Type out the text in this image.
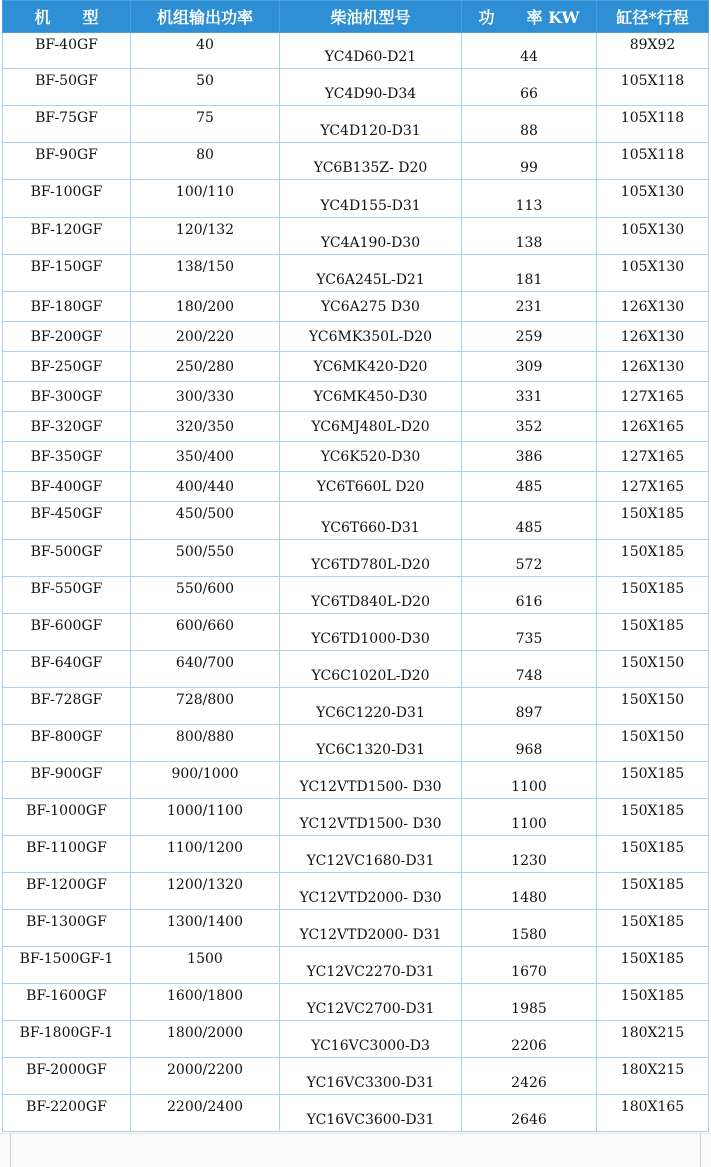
机　　型	机组输出功率	柴油机型号	功　　率 KW	缸径*行程
BF-40GF	40	YC4D60-D21	44	89X92
BF-50GF	50	YC4D90-D34	66	105X118
BF-75GF	75	YC4D120-D31	88	105X118
BF-90GF	80	YC6B135Z- D20	99	105X118
BF-100GF	100/110	YC4D155-D31	113	105X130
BF-120GF	120/132	YC4A190-D30	138	105X130
BF-150GF	138/150	YC6A245L-D21	181	105X130
BF-180GF	180/200	YC6A275 D30	231	126X130
BF-200GF	200/220	YC6MK350L-D20	259	126X130
BF-250GF	250/280	YC6MK420-D20	309	126X130
BF-300GF	300/330	YC6MK450-D30	331	127X165
BF-320GF	320/350	YC6MJ480L-D20	352	126X165
BF-350GF	350/400	YC6K520-D30	386	127X165
BF-400GF	400/440	YC6T660L D20	485	127X165
BF-450GF	450/500	YC6T660-D31	485	150X185
BF-500GF	500/550	YC6TD780L-D20	572	150X185
BF-550GF	550/600	YC6TD840L-D20	616	150X185
BF-600GF	600/660	YC6TD1000-D30	735	150X185
BF-640GF	640/700	YC6C1020L-D20	748	150X150
BF-728GF	728/800	YC6C1220-D31	897	150X150
BF-800GF	800/880	YC6C1320-D31	968	150X150
BF-900GF	900/1000	YC12VTD1500- D30	1100	150X185
BF-1000GF	1000/1100	YC12VTD1500- D30	1100	150X185
BF-1100GF	1100/1200	YC12VC1680-D31	1230	150X185
BF-1200GF	1200/1320	YC12VTD2000- D30	1480	150X185
BF-1300GF	1300/1400	YC12VTD2000- D31	1580	150X185
BF-1500GF-1	1500	YC12VC2270-D31	1670	150X185
BF-1600GF	1600/1800	YC12VC2700-D31	1985	150X185
BF-1800GF-1	1800/2000	YC16VC3000-D3	2206	180X215
BF-2000GF	2000/2200	YC16VC3300-D31	2426	180X215
BF-2200GF	2200/2400	YC16VC3600-D31	2646	180X165
